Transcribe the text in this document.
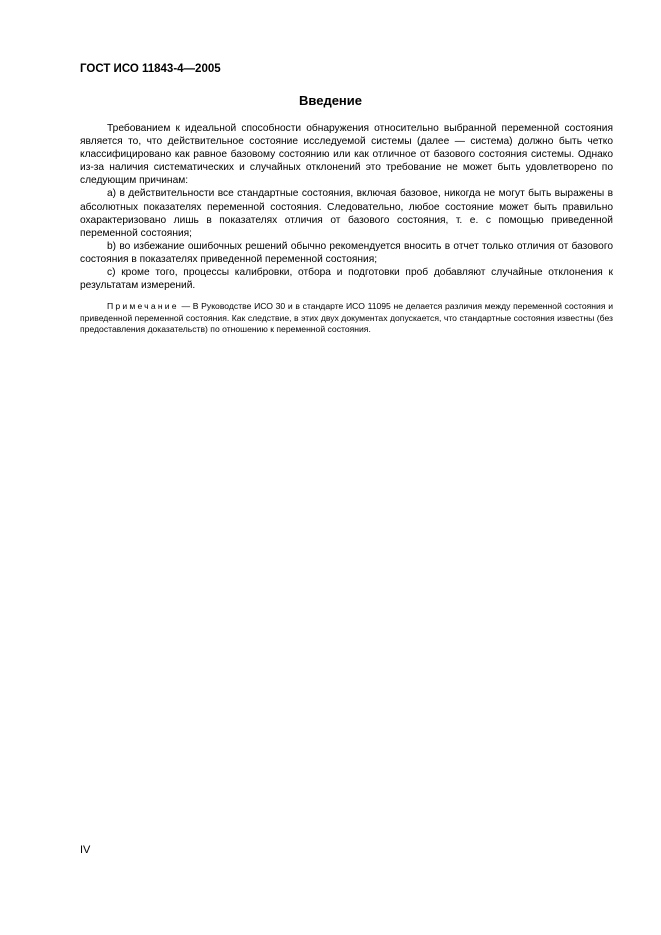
ГОСТ ИСО 11843-4—2005
Введение

Требованием к идеальной способности обнаружения относительно выбранной переменной состояния является то, что действительное состояние исследуемой системы (далее — система) должно быть четко классифицировано как равное базовому состоянию или как отличное от базового состояния системы. Однако из-за наличия систематических и случайных отклонений это требование не может быть удовлетворено по следующим причинам:

a) в действительности все стандартные состояния, включая базовое, никогда не могут быть выражены в абсолютных показателях переменной состояния. Следовательно, любое состояние может быть правильно охарактеризовано лишь в показателях отличия от базового состояния, т. е. с помощью приведенной переменной состояния;

b) во избежание ошибочных решений обычно рекомендуется вносить в отчет только отличия от базового состояния в показателях приведенной переменной состояния;

c) кроме того, процессы калибровки, отбора и подготовки проб добавляют случайные отклонения к результатам измерений.

Примечание — В Руководстве ИСО 30 и в стандарте ИСО 11095 не делается различия между переменной состояния и приведенной переменной состояния. Как следствие, в этих двух документах допускается, что стандартные состояния известны (без предоставления доказательств) по отношению к переменной состояния.
IV
